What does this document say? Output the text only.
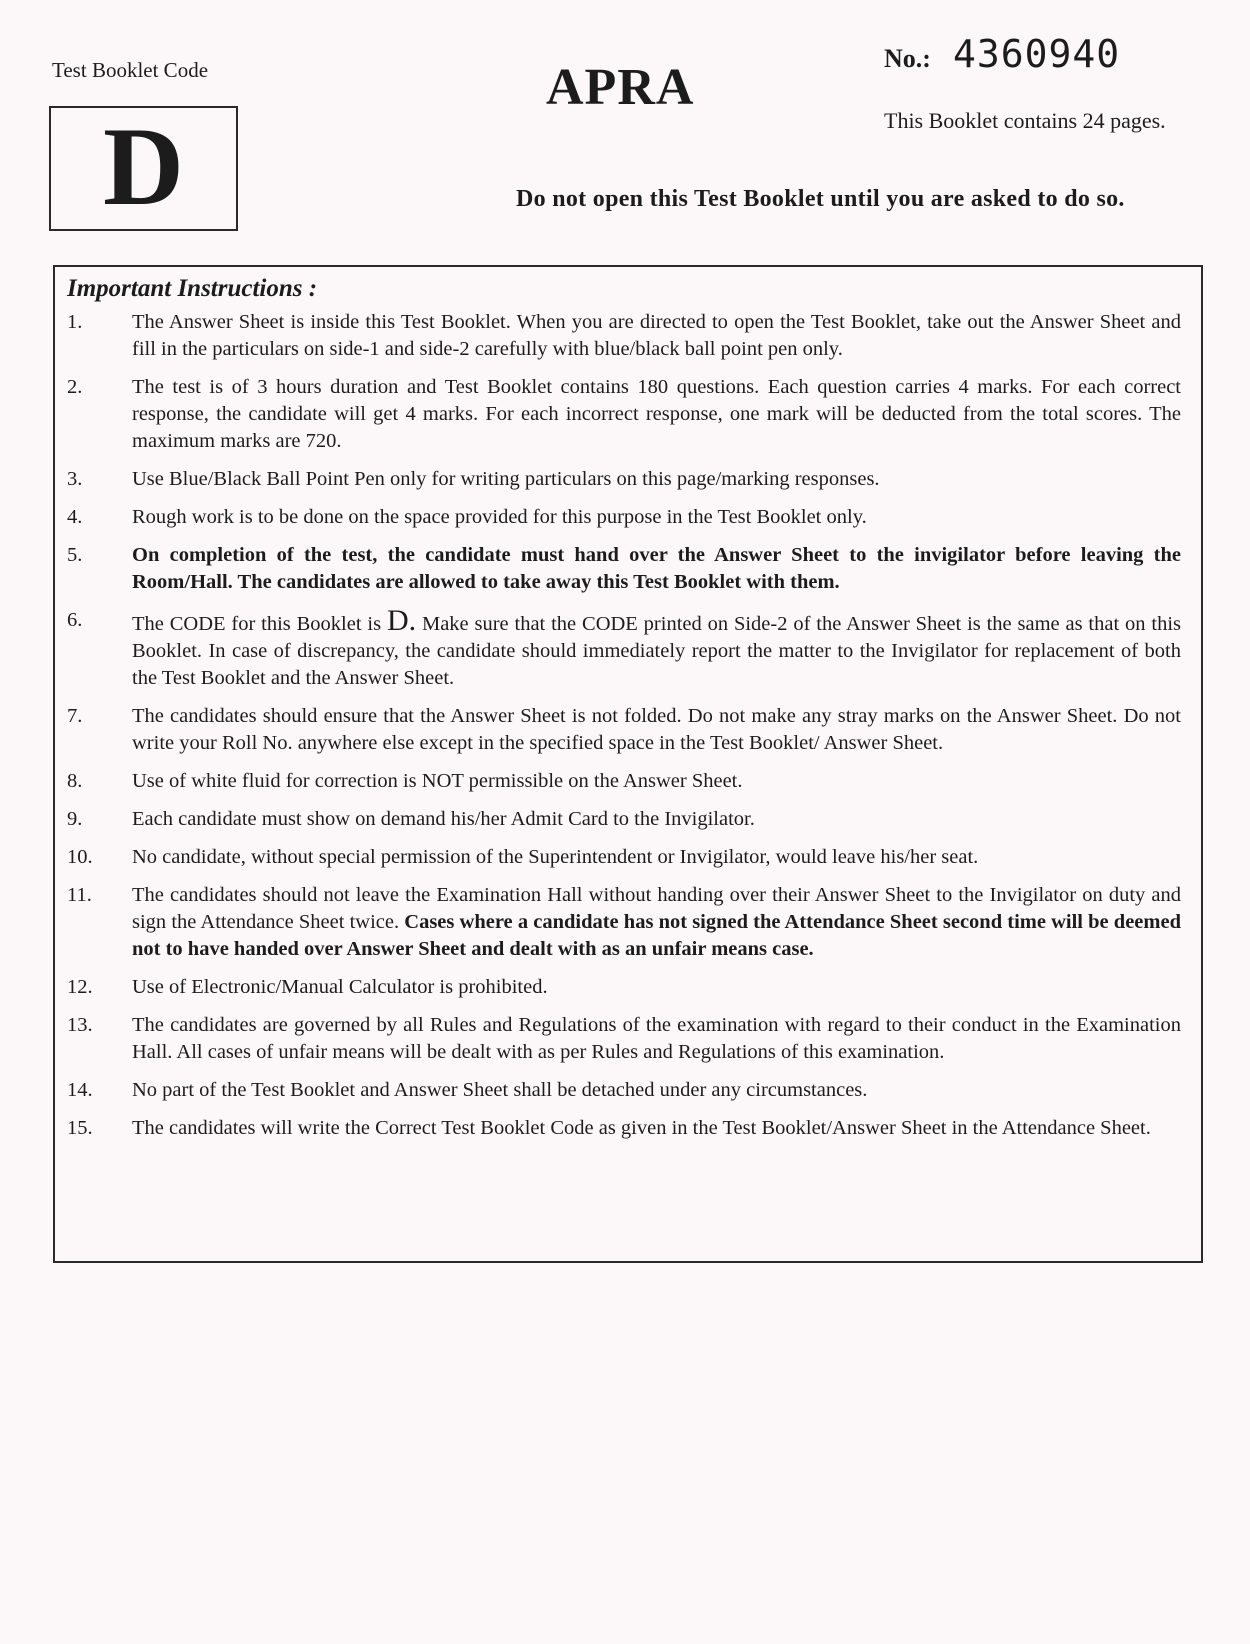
Test Booklet Code
D
APRA
No.: 4360940
This Booklet contains 24 pages.
Do not open this Test Booklet until you are asked to do so.
Important Instructions :
1.	The Answer Sheet is inside this Test Booklet. When you are directed to open the Test Booklet, take out the Answer Sheet and fill in the particulars on side-1 and side-2 carefully with blue/black ball point pen only.
2.	The test is of 3 hours duration and Test Booklet contains 180 questions. Each question carries 4 marks. For each correct response, the candidate will get 4 marks. For each incorrect response, one mark will be deducted from the total scores. The maximum marks are 720.
3.	Use Blue/Black Ball Point Pen only for writing particulars on this page/marking responses.
4.	Rough work is to be done on the space provided for this purpose in the Test Booklet only.
5.	On completion of the test, the candidate must hand over the Answer Sheet to the invigilator before leaving the Room/Hall. The candidates are allowed to take away this Test Booklet with them.
6.	The CODE for this Booklet is D. Make sure that the CODE printed on Side-2 of the Answer Sheet is the same as that on this Booklet. In case of discrepancy, the candidate should immediately report the matter to the Invigilator for replacement of both the Test Booklet and the Answer Sheet.
7.	The candidates should ensure that the Answer Sheet is not folded. Do not make any stray marks on the Answer Sheet. Do not write your Roll No. anywhere else except in the specified space in the Test Booklet/ Answer Sheet.
8.	Use of white fluid for correction is NOT permissible on the Answer Sheet.
9.	Each candidate must show on demand his/her Admit Card to the Invigilator.
10.	No candidate, without special permission of the Superintendent or Invigilator, would leave his/her seat.
11.	The candidates should not leave the Examination Hall without handing over their Answer Sheet to the Invigilator on duty and sign the Attendance Sheet twice. Cases where a candidate has not signed the Attendance Sheet second time will be deemed not to have handed over Answer Sheet and dealt with as an unfair means case.
12.	Use of Electronic/Manual Calculator is prohibited.
13.	The candidates are governed by all Rules and Regulations of the examination with regard to their conduct in the Examination Hall. All cases of unfair means will be dealt with as per Rules and Regulations of this examination.
14.	No part of the Test Booklet and Answer Sheet shall be detached under any circumstances.
15.	The candidates will write the Correct Test Booklet Code as given in the Test Booklet/Answer Sheet in the Attendance Sheet.
